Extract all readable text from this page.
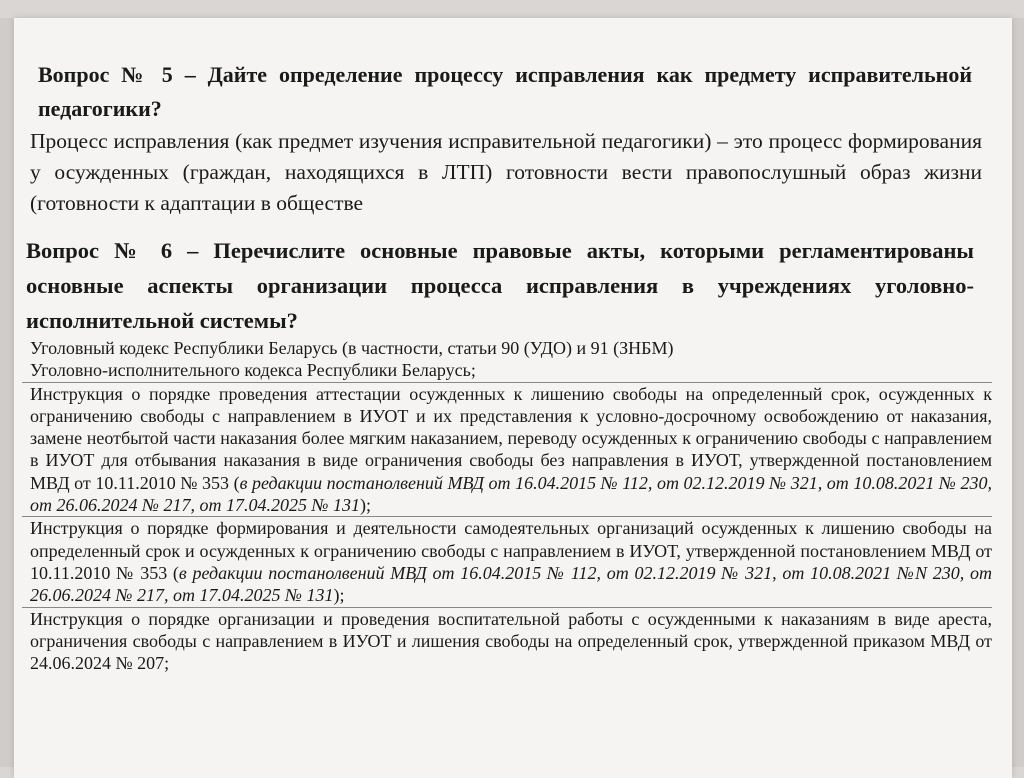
Вопрос № 5 – Дайте определение процессу исправления как предмету исправительной педагогики?
Процесс исправления (как предмет изучения исправительной педагогики) – это процесс формирования у осужденных (граждан, находящихся в ЛТП) готовности вести правопослушный образ жизни (готовности к адаптации в обществе
Вопрос № 6 – Перечислите основные правовые акты, которыми регламентированы основные аспекты организации процесса исправления в учреждениях уголовно-исполнительной системы?
Уголовный кодекс Республики Беларусь (в частности, статьи 90 (УДО) и 91 (ЗНБМ)
Уголовно-исполнительного кодекса Республики Беларусь;
Инструкция о порядке проведения аттестации осужденных к лишению свободы на определенный срок, осужденных к ограничению свободы с направлением в ИУОТ и их представления к условно-досрочному освобождению от наказания, замене неотбытой части наказания более мягким наказанием, переводу осужденных к ограничению свободы с направлением в ИУОТ для отбывания наказания в виде ограничения свободы без направления в ИУОТ, утвержденной постановлением МВД от 10.11.2010 № 353 (в редакции постанолвений МВД от 16.04.2015 № 112, от 02.12.2019 № 321, от 10.08.2021 № 230, от 26.06.2024 № 217, от 17.04.2025 № 131);
Инструкция о порядке формирования и деятельности самодеятельных организаций осужденных к лишению свободы на определенный срок и осужденных к ограничению свободы с направлением в ИУОТ, утвержденной постановлением МВД от 10.11.2010 № 353 (в редакции постанолвений МВД от 16.04.2015 № 112, от 02.12.2019 № 321, от 10.08.2021 №N 230, от 26.06.2024 № 217, от 17.04.2025 № 131);
Инструкция о порядке организации и проведения воспитательной работы с осужденными к наказаниям в виде ареста, ограничения свободы с направлением в ИУОТ и лишения свободы на определенный срок, утвержденной приказом МВД от 24.06.2024 № 207;
